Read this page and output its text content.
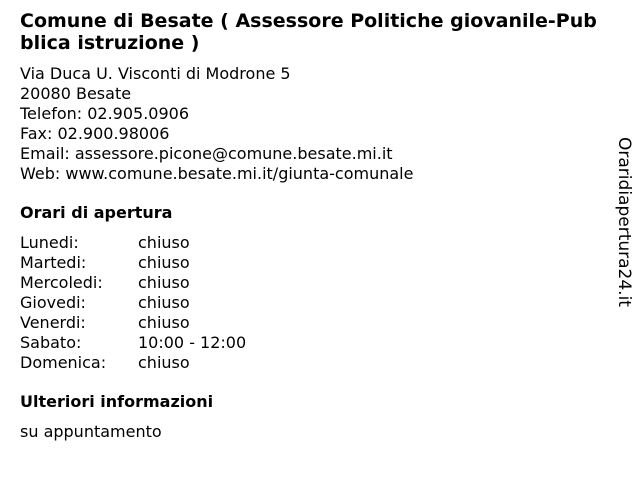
Comune di Besate ( Assessore Politiche giovanile-Pubblica istruzione )
Via Duca U. Visconti di Modrone 5
20080 Besate
Telefon: 02.905.0906
Fax: 02.900.98006
Email: assessore.picone@comune.besate.mi.it
Web: www.comune.besate.mi.it/giunta-comunale
Orari di apertura
Lunedi:	chiuso
Martedi:	chiuso
Mercoledi:	chiuso
Giovedi:	chiuso
Venerdi:	chiuso
Sabato:	10:00 - 12:00
Domenica:	chiuso
Ulteriori informazioni
su appuntamento
Oraridiapertura24.it
